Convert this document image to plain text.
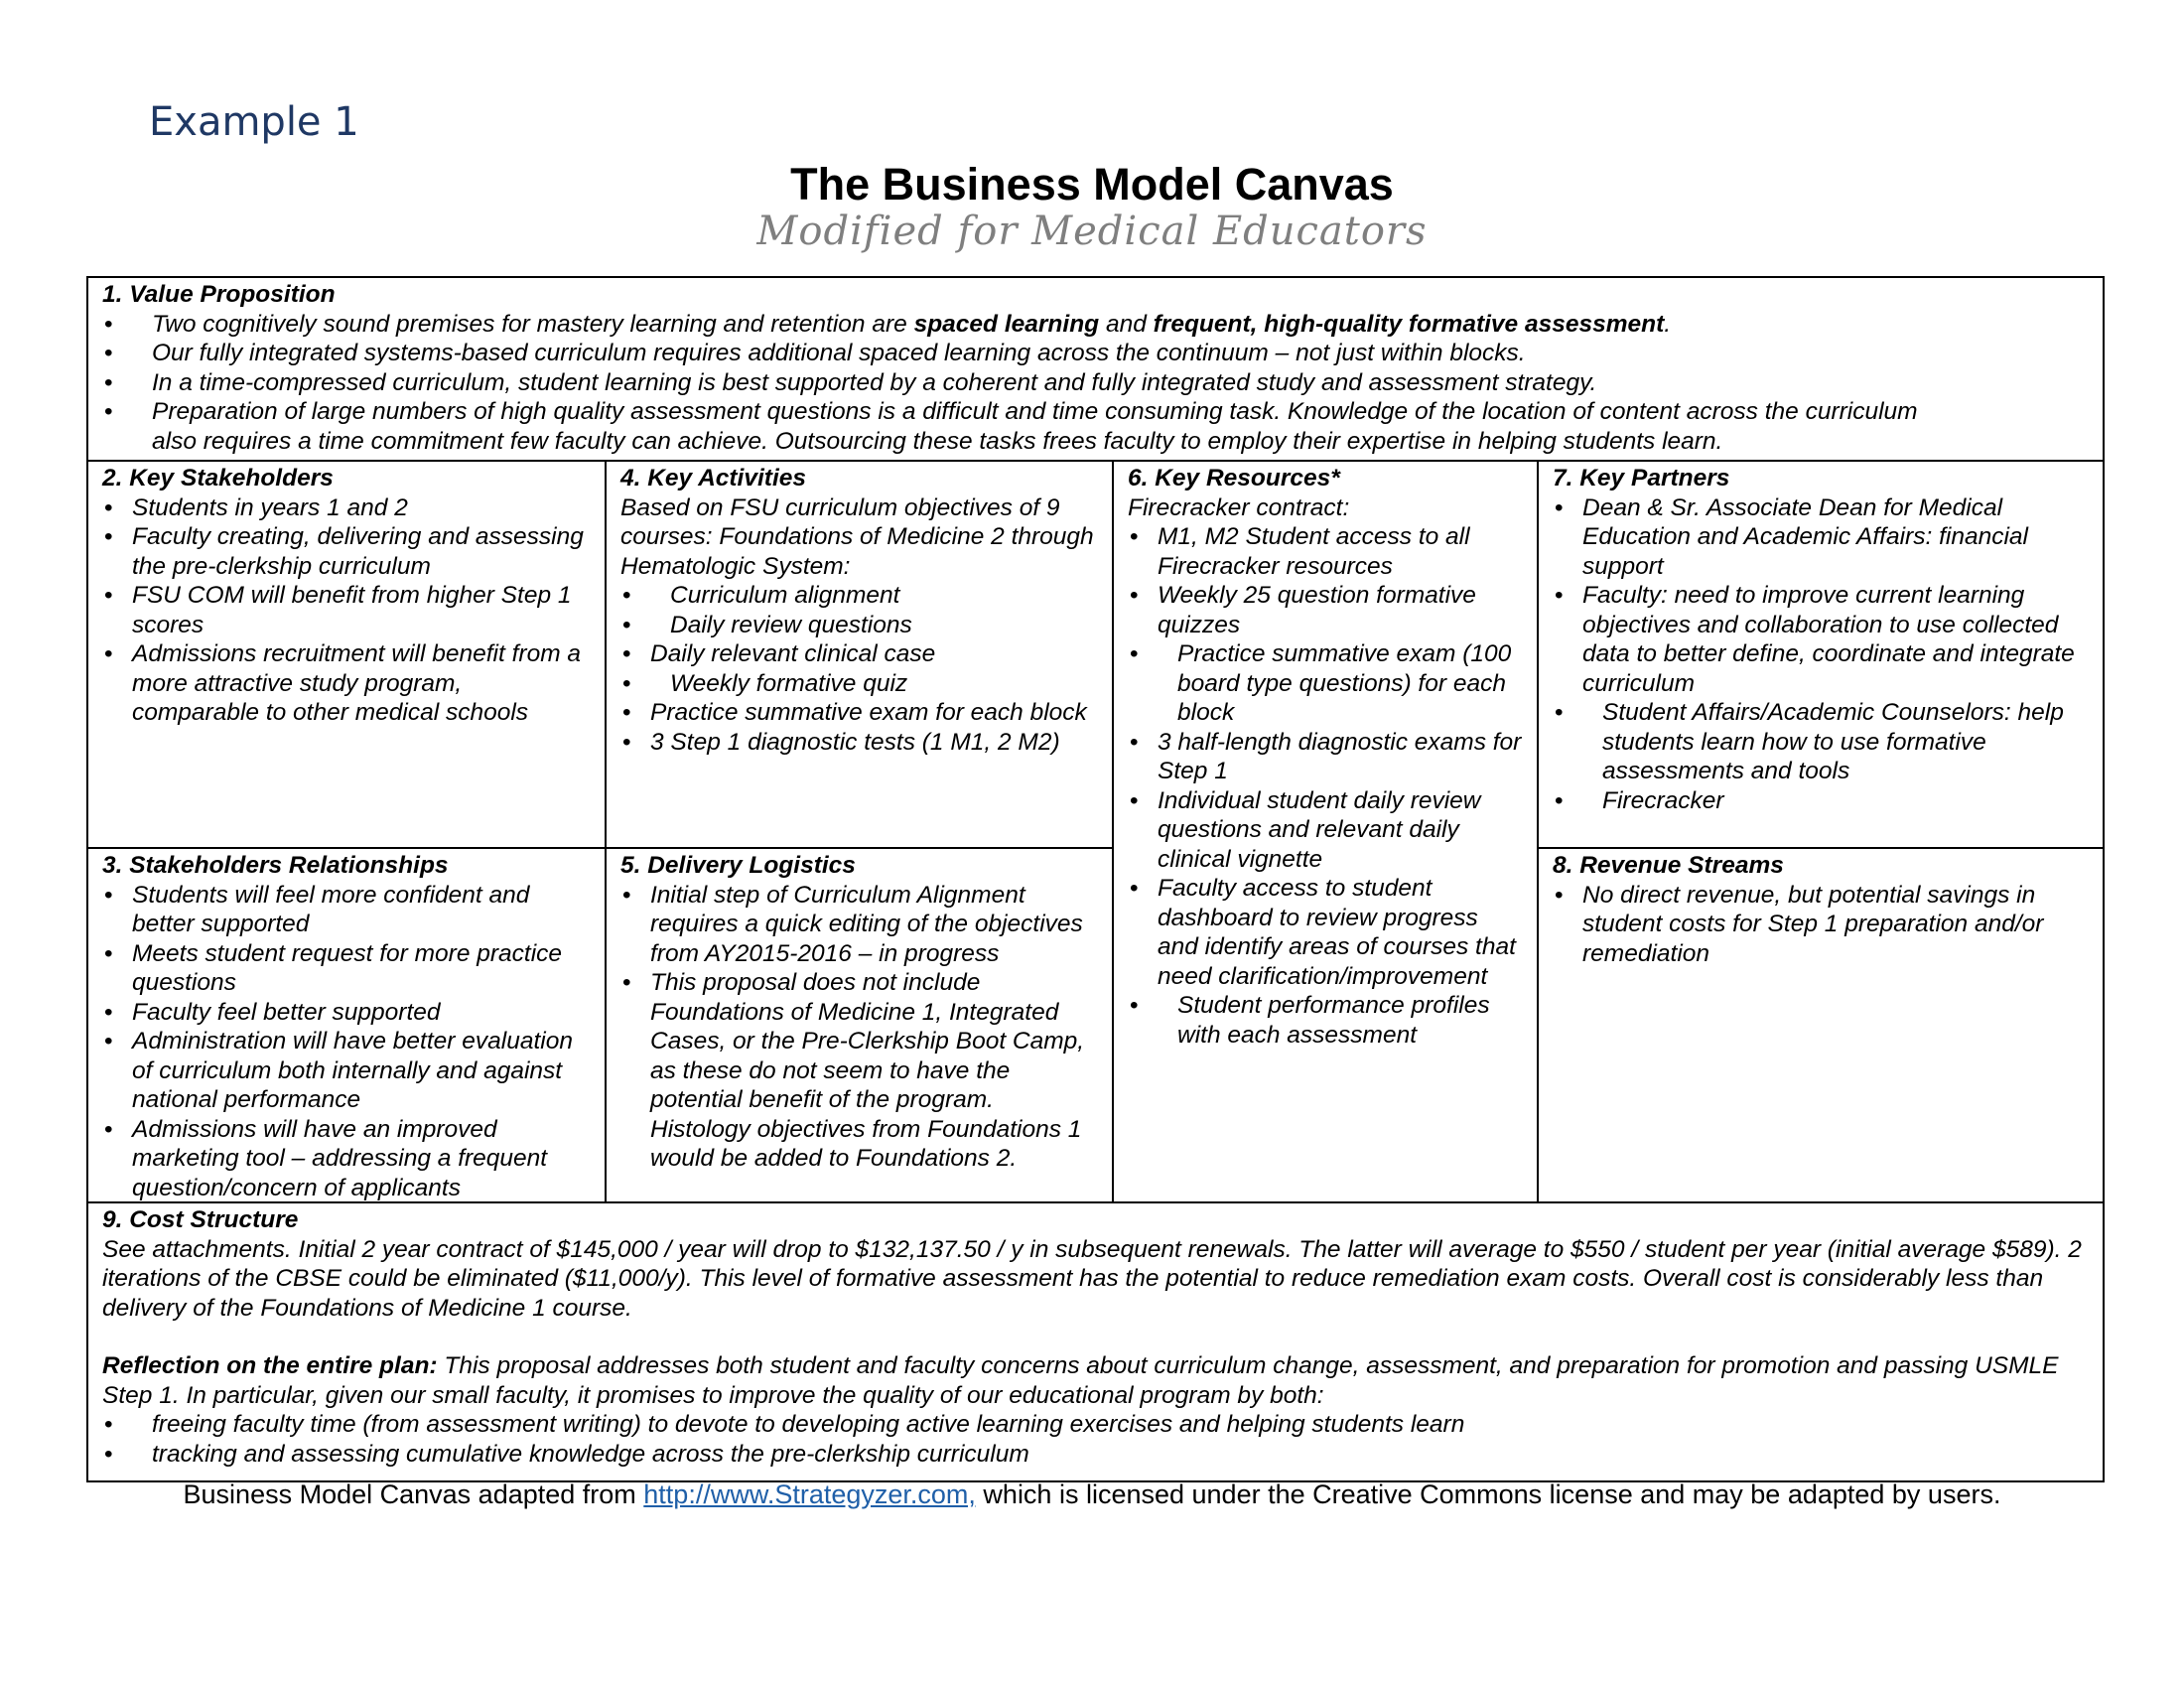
Example 1
The Business Model Canvas
Modified for Medical Educators
1. Value Proposition
• Two cognitively sound premises for mastery learning and retention are spaced learning and frequent, high-quality formative assessment.
• Our fully integrated systems-based curriculum requires additional spaced learning across the continuum – not just within blocks.
• In a time-compressed curriculum, student learning is best supported by a coherent and fully integrated study and assessment strategy.
• Preparation of large numbers of high quality assessment questions is a difficult and time consuming task. Knowledge of the location of content across the curriculum
also requires a time commitment few faculty can achieve. Outsourcing these tasks frees faculty to employ their expertise in helping students learn.
2. Key Stakeholders
• Students in years 1 and 2
• Faculty creating, delivering and assessing the pre-clerkship curriculum
• FSU COM will benefit from higher Step 1 scores
• Admissions recruitment will benefit from a more attractive study program, comparable to other medical schools
4. Key Activities

Based on FSU curriculum objectives of 9 courses: Foundations of Medicine 2 through Hematologic System:

• Curriculum alignment
• Daily review questions
• Daily relevant clinical case
• Weekly formative quiz
• Practice summative exam for each block
• 3 Step 1 diagnostic tests (1 M1, 2 M2)
6. Key Resources*

Firecracker contract:

• M1, M2 Student access to all Firecracker resources
• Weekly 25 question formative quizzes
• Practice summative exam (100 board type questions) for each block
• 3 half-length diagnostic exams for Step 1
• Individual student daily review questions and relevant daily clinical vignette
• Faculty access to student dashboard to review progress and identify areas of courses that need clarification/improvement
• Student performance profiles with each assessment
7. Key Partners
• Dean & Sr. Associate Dean for Medical Education and Academic Affairs: financial support
• Faculty: need to improve current learning objectives and collaboration to use collected data to better define, coordinate and integrate curriculum
• Student Affairs/Academic Counselors: help students learn how to use formative assessments and tools
• Firecracker
3. Stakeholders Relationships
• Students will feel more confident and better supported
• Meets student request for more practice questions
• Faculty feel better supported
• Administration will have better evaluation of curriculum both internally and against national performance
• Admissions will have an improved marketing tool – addressing a frequent question/concern of applicants
5. Delivery Logistics
• Initial step of Curriculum Alignment requires a quick editing of the objectives from AY2015-2016 – in progress
• This proposal does not include Foundations of Medicine 1, Integrated Cases, or the Pre-Clerkship Boot Camp, as these do not seem to have the potential benefit of the program. Histology objectives from Foundations 1 would be added to Foundations 2.
8. Revenue Streams
• No direct revenue, but potential savings in student costs for Step 1 preparation and/or remediation
9. Cost Structure

See attachments. Initial 2 year contract of $145,000 / year will drop to $132,137.50 / y in subsequent renewals. The latter will average to $550 / student per year (initial average $589). 2 iterations of the CBSE could be eliminated ($11,000/y). This level of formative assessment has the potential to reduce remediation exam costs. Overall cost is considerably less than delivery of the Foundations of Medicine 1 course.

Reflection on the entire plan: This proposal addresses both student and faculty concerns about curriculum change, assessment, and preparation for promotion and passing USMLE Step 1. In particular, given our small faculty, it promises to improve the quality of our educational program by both:

• freeing faculty time (from assessment writing) to devote to developing active learning exercises and helping students learn
• tracking and assessing cumulative knowledge across the pre-clerkship curriculum
Business Model Canvas adapted from http://www.Strategyzer.com, which is licensed under the Creative Commons license and may be adapted by users.
